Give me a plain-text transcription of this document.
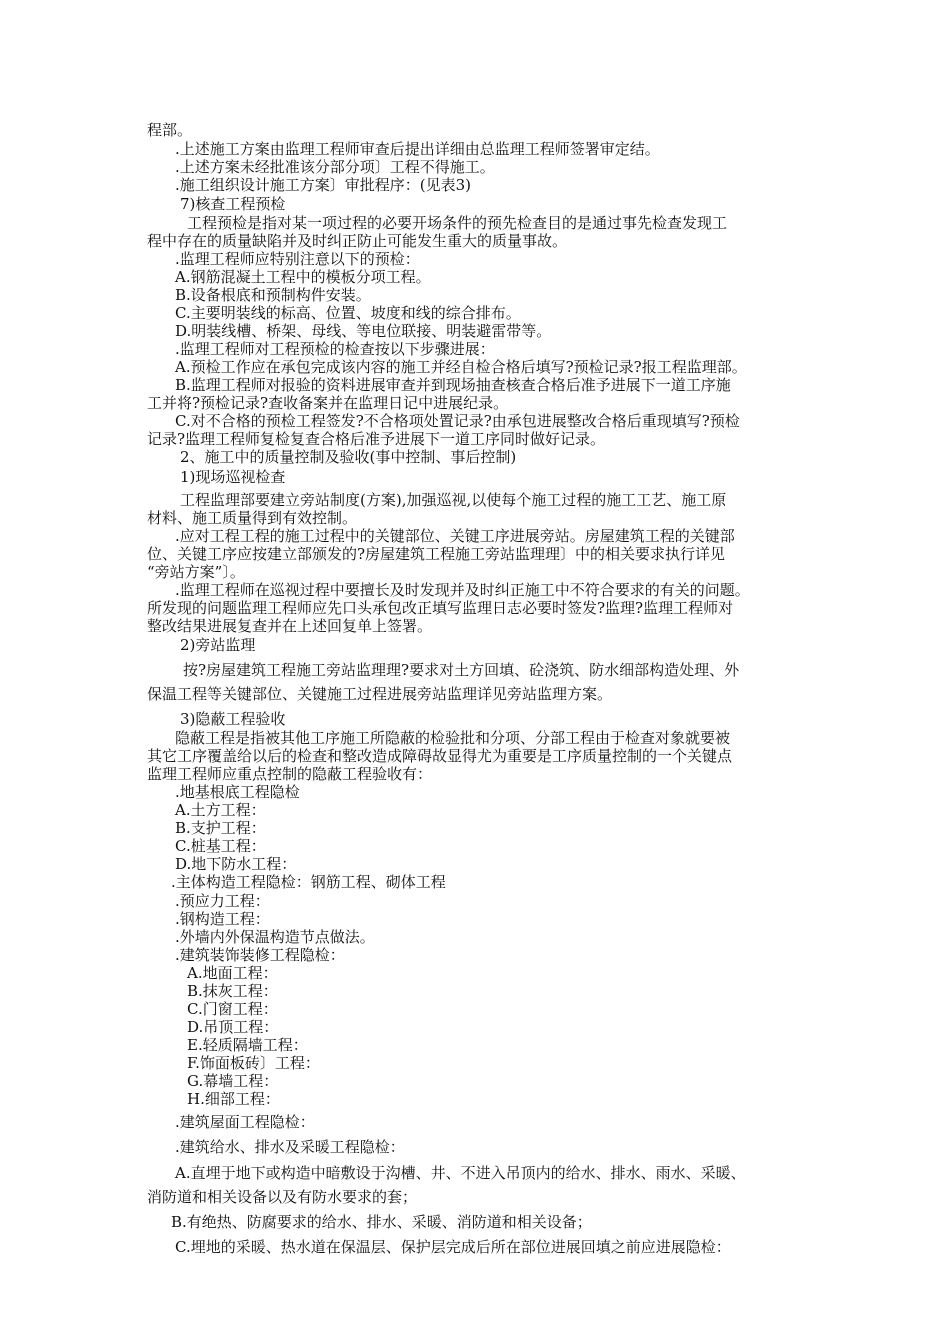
程部。
.上述施工方案由监理工程师审查后提出详细由总监理工程师签署审定结。
.上述方案未经批准该分部分项〕工程不得施工。
.施工组织设计施工方案〕审批程序：(见表3)
7)核查工程预检
工程预检是指对某一项过程的必要开场条件的预先检查目的是通过事先检查发现工
程中存在的质量缺陷并及时纠正防止可能发生重大的质量事故。
.监理工程师应特别注意以下的预检：
A.钢筋混凝土工程中的模板分项工程。
B.设备根底和预制构件安装。
C.主要明装线的标高、位置、坡度和线的综合排布。
D.明装线槽、桥架、母线、等电位联接、明装避雷带等。
.监理工程师对工程预检的检查按以下步骤进展：
A.预检工作应在承包完成该内容的施工并经自检合格后填写?预检记录?报工程监理部。
B.监理工程师对报验的资料进展审查并到现场抽查核查合格后准予进展下一道工序施
工并将?预检记录?查收备案并在监理日记中进展纪录。
C.对不合格的预检工程签发?不合格项处置记录?由承包进展整改合格后重现填写?预检
记录?监理工程师复检复查合格后准予进展下一道工序同时做好记录。
2、施工中的质量控制及验收(事中控制、事后控制)
1)现场巡视检查
工程监理部要建立旁站制度(方案),加强巡视,以使每个施工过程的施工工艺、施工原
材料、施工质量得到有效控制。
.应对工程工程的施工过程中的关键部位、关键工序进展旁站。房屋建筑工程的关键部
位、关键工序应按建立部颁发的?房屋建筑工程施工旁站监理理〕中的相关要求执行详见
“旁站方案”〕。
.监理工程师在巡视过程中要擅长及时发现并及时纠正施工中不符合要求的有关的问题。
所发现的问题监理工程师应先口头承包改正填写监理日志必要时签发?监理?监理工程师对
整改结果进展复查并在上述回复单上签署。
2)旁站监理
按?房屋建筑工程施工旁站监理理?要求对土方回填、砼浇筑、防水细部构造处理、外
保温工程等关键部位、关键施工过程进展旁站监理详见旁站监理方案。
3)隐蔽工程验收
隐蔽工程是指被其他工序施工所隐蔽的检验批和分项、分部工程由于检查对象就要被
其它工序覆盖给以后的检查和整改造成障碍故显得尤为重要是工序质量控制的一个关键点
监理工程师应重点控制的隐蔽工程验收有：
.地基根底工程隐检
A.土方工程：
B.支护工程：
C.桩基工程：
D.地下防水工程：
.主体构造工程隐检：钢筋工程、砌体工程
.预应力工程：
.钢构造工程：
.外墙内外保温构造节点做法。
.建筑装饰装修工程隐检：
A.地面工程：
B.抹灰工程：
C.门窗工程：
D.吊顶工程：
E.轻质隔墙工程：
F.饰面板砖〕工程：
G.幕墙工程：
H.细部工程：
.建筑屋面工程隐检：
.建筑给水、排水及采暖工程隐检：
A.直埋于地下或构造中暗敷设于沟槽、井、不进入吊顶内的给水、排水、雨水、采暖、
消防道和相关设备以及有防水要求的套；
B.有绝热、防腐要求的给水、排水、采暖、消防道和相关设备；
C.埋地的采暖、热水道在保温层、保护层完成后所在部位进展回填之前应进展隐检：
